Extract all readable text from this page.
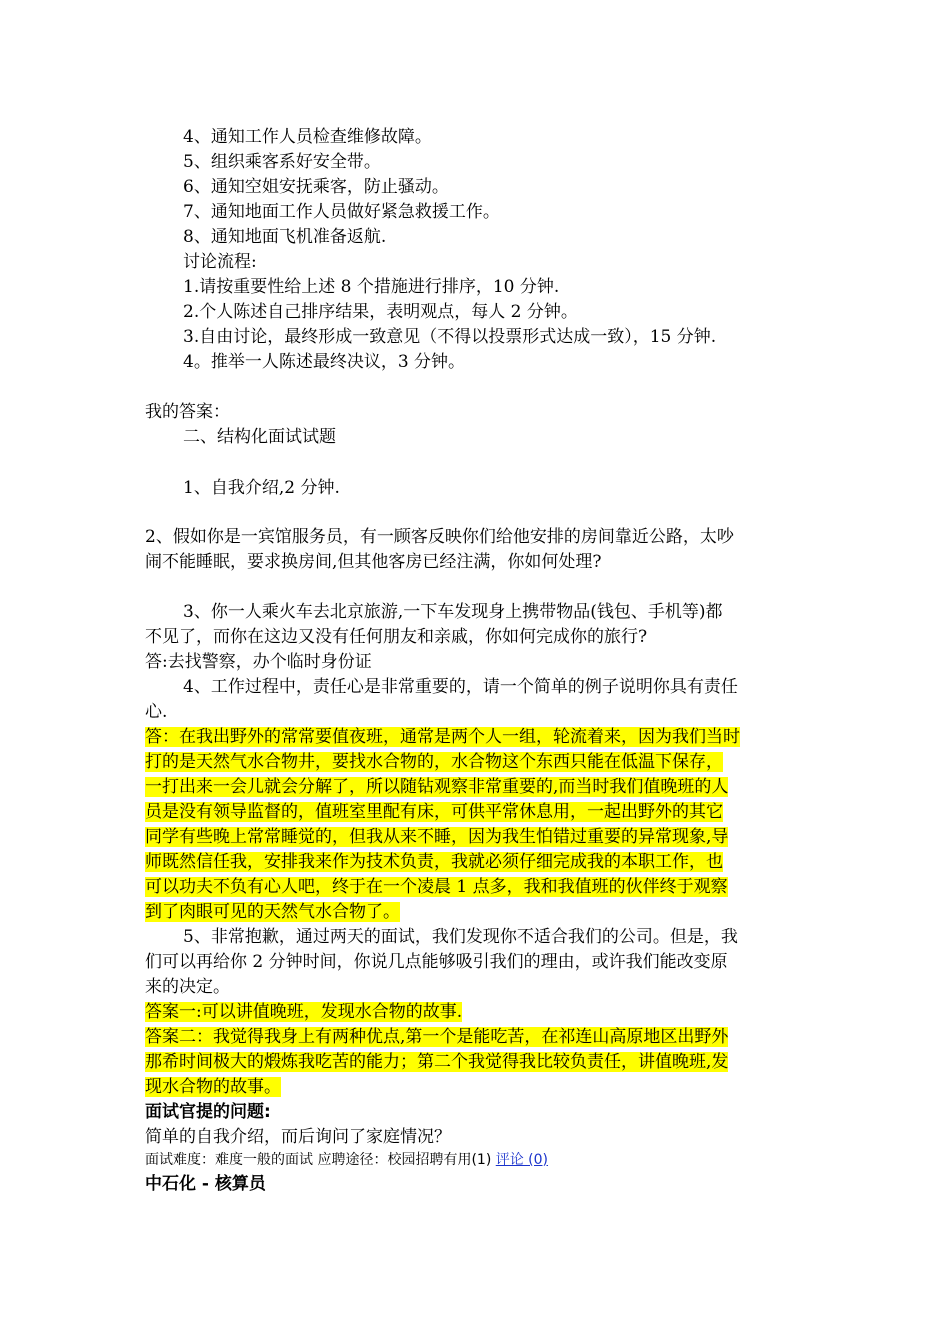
4、通知工作人员检查维修故障。
5、组织乘客系好安全带。
6、通知空姐安抚乘客，防止骚动。
7、通知地面工作人员做好紧急救援工作。
8、通知地面飞机准备返航.
讨论流程:
1.请按重要性给上述 8 个措施进行排序，10 分钟.
2.个人陈述自己排序结果，表明观点，每人 2 分钟。
3.自由讨论，最终形成一致意见（不得以投票形式达成一致），15 分钟.
4。推举一人陈述最终决议，3 分钟。
我的答案：
二、结构化面试试题
1、自我介绍,2 分钟.
2、假如你是一宾馆服务员，有一顾客反映你们给他安排的房间靠近公路，太吵
闹不能睡眠，要求换房间,但其他客房已经注满，你如何处理?
3、你一人乘火车去北京旅游,一下车发现身上携带物品(钱包、手机等)都
不见了，而你在这边又没有任何朋友和亲戚，你如何完成你的旅行?
答:去找警察，办个临时身份证
4、工作过程中，责任心是非常重要的，请一个简单的例子说明你具有责任
心.
答：在我出野外的常常要值夜班，通常是两个人一组，轮流着来，因为我们当时
打的是天然气水合物井，要找水合物的，水合物这个东西只能在低温下保存，
一打出来一会儿就会分解了，所以随钻观察非常重要的,而当时我们值晚班的人
员是没有领导监督的，值班室里配有床，可供平常休息用，一起出野外的其它
同学有些晚上常常睡觉的，但我从来不睡，因为我生怕错过重要的异常现象,导
师既然信任我，安排我来作为技术负责，我就必须仔细完成我的本职工作，也
可以功夫不负有心人吧，终于在一个凌晨 1 点多，我和我值班的伙伴终于观察
到了肉眼可见的天然气水合物了。
5、非常抱歉，通过两天的面试，我们发现你不适合我们的公司。但是，我
们可以再给你 2 分钟时间，你说几点能够吸引我们的理由，或许我们能改变原
来的决定。
答案一:可以讲值晚班，发现水合物的故事.
答案二：我觉得我身上有两种优点,第一个是能吃苦，在祁连山高原地区出野外
那希时间极大的煅炼我吃苦的能力；第二个我觉得我比较负责任，讲值晚班,发
现水合物的故事。
面试官提的问题:
简单的自我介绍，而后询问了家庭情况？
面试难度：难度一般的面试 应聘途径：校园招聘有用(1) 评论 (0)
中石化 - 核算员
